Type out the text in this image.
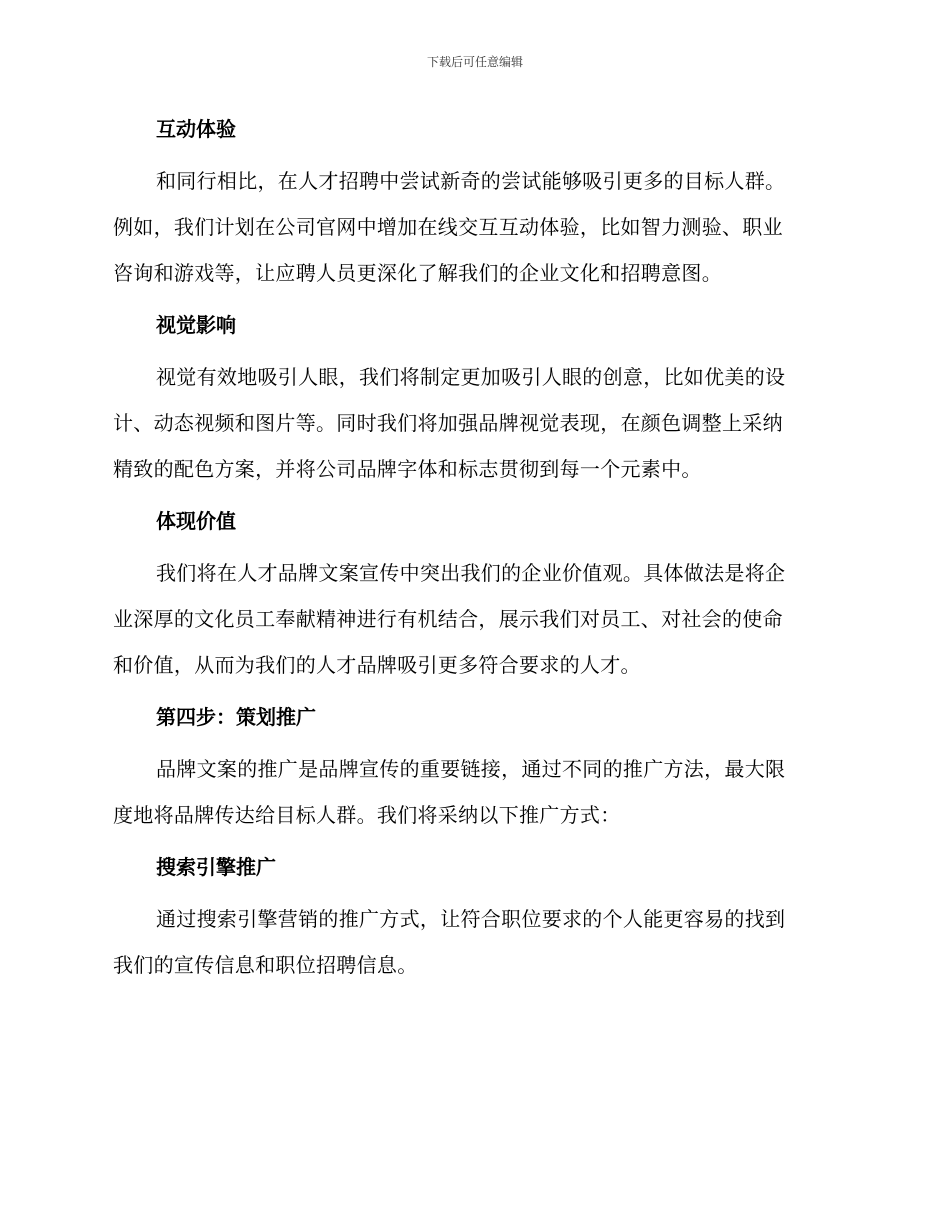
下载后可任意编辑
互动体验

和同行相比，在人才招聘中尝试新奇的尝试能够吸引更多的目标人群。
例如，我们计划在公司官网中增加在线交互互动体验，比如智力测验、职业
咨询和游戏等，让应聘人员更深化了解我们的企业文化和招聘意图。

视觉影响

视觉有效地吸引人眼，我们将制定更加吸引人眼的创意，比如优美的设
计、动态视频和图片等。同时我们将加强品牌视觉表现，在颜色调整上采纳
精致的配色方案，并将公司品牌字体和标志贯彻到每一个元素中。

体现价值

我们将在人才品牌文案宣传中突出我们的企业价值观。具体做法是将企
业深厚的文化员工奉献精神进行有机结合，展示我们对员工、对社会的使命
和价值，从而为我们的人才品牌吸引更多符合要求的人才。

第四步：策划推广

品牌文案的推广是品牌宣传的重要链接，通过不同的推广方法，最大限
度地将品牌传达给目标人群。我们将采纳以下推广方式：

搜索引擎推广

通过搜索引擎营销的推广方式，让符合职位要求的个人能更容易的找到
我们的宣传信息和职位招聘信息。
